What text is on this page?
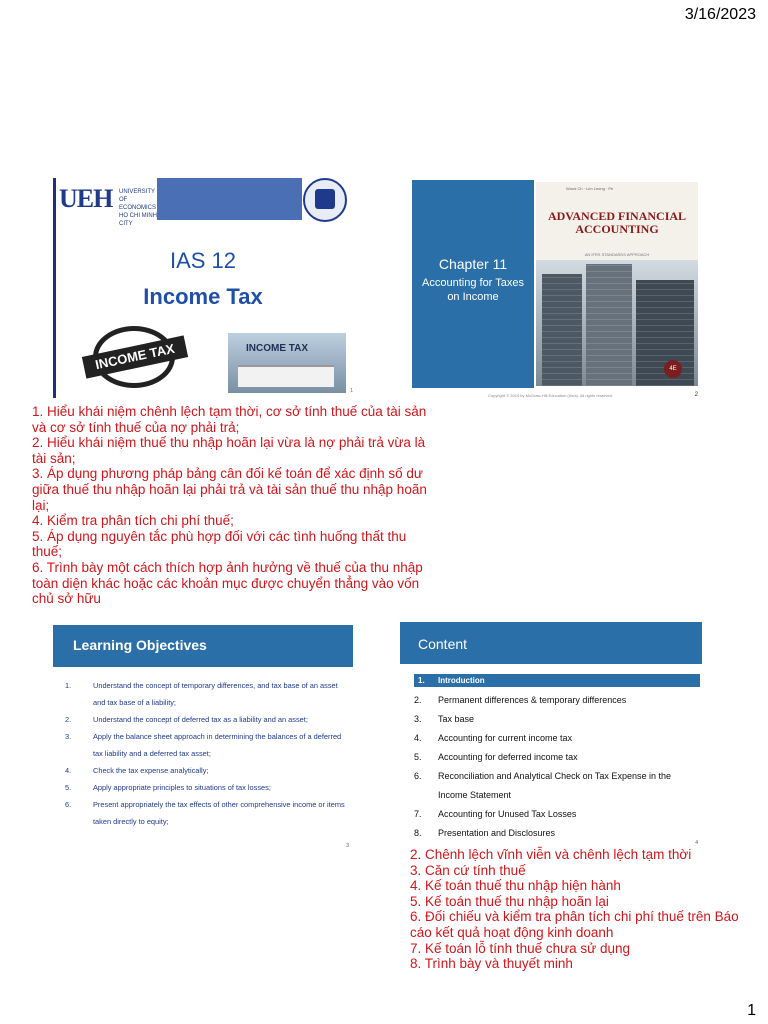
3/16/2023
UEH UNIVERSITY OF ECONOMICS HO CHI MINH CITY
IAS 12
Income Tax
INCOME TAX	INCOME TAX
1
Chapter 11
Accounting for Taxes on Income
Wood Ch · Lim Leong · Pe
ADVANCED FINANCIAL ACCOUNTING
AN IFRS STANDARDS APPROACH
4E
Copyright © 2019 by McGraw-Hill Education (Asia). All rights reserved.	2
1. Hiểu khái niệm chênh lệch tạm thời, cơ sở tính thuế của tài sản và cơ sở tính thuế của nợ phải trả;
2. Hiểu khái niệm thuế thu nhập hoãn lại vừa là nợ phải trả vừa là tài sản;
3. Áp dụng phương pháp bảng cân đối kế toán để xác định số dư giữa thuế thu nhập hoãn lại phải trả và tài sản thuế thu nhập hoãn lại;
4. Kiểm tra phân tích chi phí thuế;
5. Áp dụng nguyên tắc phù hợp đối với các tình huống thất thu thuế;
6. Trình bày một cách thích hợp ảnh hưởng về thuế của thu nhập toàn diện khác hoặc các khoản mục được chuyển thẳng vào vốn chủ sở hữu
Learning Objectives
1.	Understand the concept of temporary differences, and tax base of an asset and tax base of a liability;
2.	Understand the concept of deferred tax as a liability and an asset;
3.	Apply the balance sheet approach in determining the balances of a deferred tax liability and a deferred tax asset;
4.	Check the tax expense analytically;
5.	Apply appropriate principles to situations of tax losses;
6.	Present appropriately the tax effects of other comprehensive income or items taken directly to equity;
3
Content
1.	Introduction
2.	Permanent differences & temporary differences
3.	Tax base
4.	Accounting for current income tax
5.	Accounting for deferred income tax
6.	Reconciliation and Analytical Check on Tax Expense in the Income Statement
7.	Accounting for Unused Tax Losses
8.	Presentation and Disclosures
4
2. Chênh lệch vĩnh viễn và chênh lệch tạm thời
3. Căn cứ tính thuế
4. Kế toán thuế thu nhập hiện hành
5. Kế toán thuế thu nhập hoãn lại
6. Đối chiếu và kiểm tra phân tích chi phí thuế trên Báo cáo kết quả hoạt động kinh doanh
7. Kế toán lỗ tính thuế chưa sử dụng
8. Trình bày và thuyết minh
1
